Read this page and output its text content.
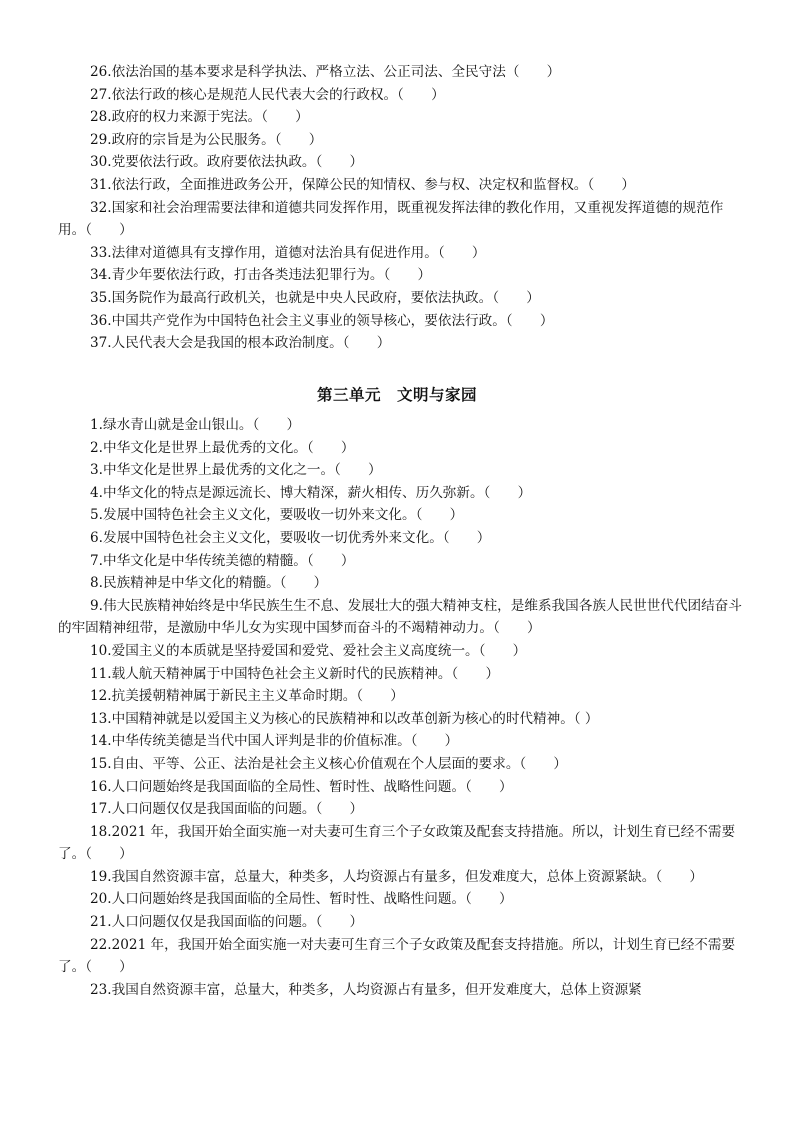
26.依法治国的基本要求是科学执法、严格立法、公正司法、全民守法（　　）

27.依法行政的核心是规范人民代表大会的行政权。（　　）

28.政府的权力来源于宪法。（　　）

29.政府的宗旨是为公民服务。（　　）

30.党要依法行政。政府要依法执政。（　　）

31.依法行政，全面推进政务公开，保障公民的知情权、参与权、决定权和监督权。（　　）

32.国家和社会治理需要法律和道德共同发挥作用，既重视发挥法律的教化作用，又重视发挥道德的规范作用。（　　）

33.法律对道德具有支撑作用，道德对法治具有促进作用。（　　）

34.青少年要依法行政，打击各类违法犯罪行为。（　　）

35.国务院作为最高行政机关，也就是中央人民政府，要依法执政。（　　）

36.中国共产党作为中国特色社会主义事业的领导核心，要依法行政。（　　）

37.人民代表大会是我国的根本政治制度。（　　）

第三单元　文明与家园

1.绿水青山就是金山银山。（　　）

2.中华文化是世界上最优秀的文化。（　　）

3.中华文化是世界上最优秀的文化之一。（　　）

4.中华文化的特点是源远流长、博大精深，薪火相传、历久弥新。（　　）

5.发展中国特色社会主义文化，要吸收一切外来文化。（　　）

6.发展中国特色社会主义文化，要吸收一切优秀外来文化。（　　）

7.中华文化是中华传统美德的精髓。（　　）

8.民族精神是中华文化的精髓。（　　）

9.伟大民族精神始终是中华民族生生不息、发展壮大的强大精神支柱，是维系我国各族人民世世代代团结奋斗的牢固精神纽带，是激励中华儿女为实现中国梦而奋斗的不竭精神动力。（　　）

10.爱国主义的本质就是坚持爱国和爱党、爱社会主义高度统一。（　　）

11.载人航天精神属于中国特色社会主义新时代的民族精神。（　　）

12.抗美援朝精神属于新民主主义革命时期。（　　）

13.中国精神就是以爱国主义为核心的民族精神和以改革创新为核心的时代精神。（ ）

14.中华传统美德是当代中国人评判是非的价值标准。（　　）

15.自由、平等、公正、法治是社会主义核心价值观在个人层面的要求。（　　）

16.人口问题始终是我国面临的全局性、暂时性、战略性问题。（　　）

17.人口问题仅仅是我国面临的问题。（　　）

18.2021 年，我国开始全面实施一对夫妻可生育三个子女政策及配套支持措施。所以，计划生育已经不需要了。（　　）

19.我国自然资源丰富，总量大，种类多，人均资源占有量多，但发难度大，总体上资源紧缺。（　　）

20.人口问题始终是我国面临的全局性、暂时性、战略性问题。（　　）

21.人口问题仅仅是我国面临的问题。（　　）

22.2021 年，我国开始全面实施一对夫妻可生育三个子女政策及配套支持措施。所以，计划生育已经不需要了。（　　）

23.我国自然资源丰富，总量大，种类多，人均资源占有量多，但开发难度大，总体上资源紧
